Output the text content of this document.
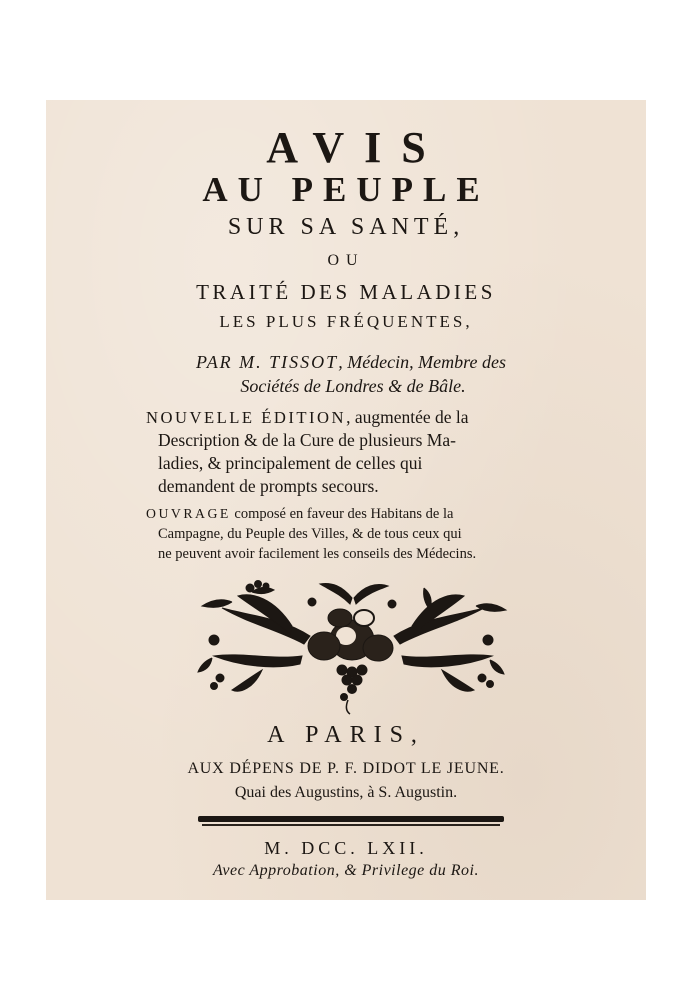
AVIS
AU PEUPLE
SUR SA SANTÉ,
OU
TRAITÉ DES MALADIES
LES PLUS FRÉQUENTES,
PAR M. TISSOT, Médecin, Membre des
Sociétés de Londres & de Bâle.
NOUVELLE ÉDITION, augmentée de la
Description & de la Cure de plusieurs Ma-
ladies, & principalement de celles qui
demandent de prompts secours.
OUVRAGE composé en faveur des Habitans de la
Campagne, du Peuple des Villes, & de tous ceux qui
ne peuvent avoir facilement les conseils des Médecins.
A PARIS,
AUX DÉPENS DE P. F. DIDOT LE JEUNE.
Quai des Augustins, à S. Augustin.
M. DCC. LXII.
Avec Approbation, & Privilege du Roi.
